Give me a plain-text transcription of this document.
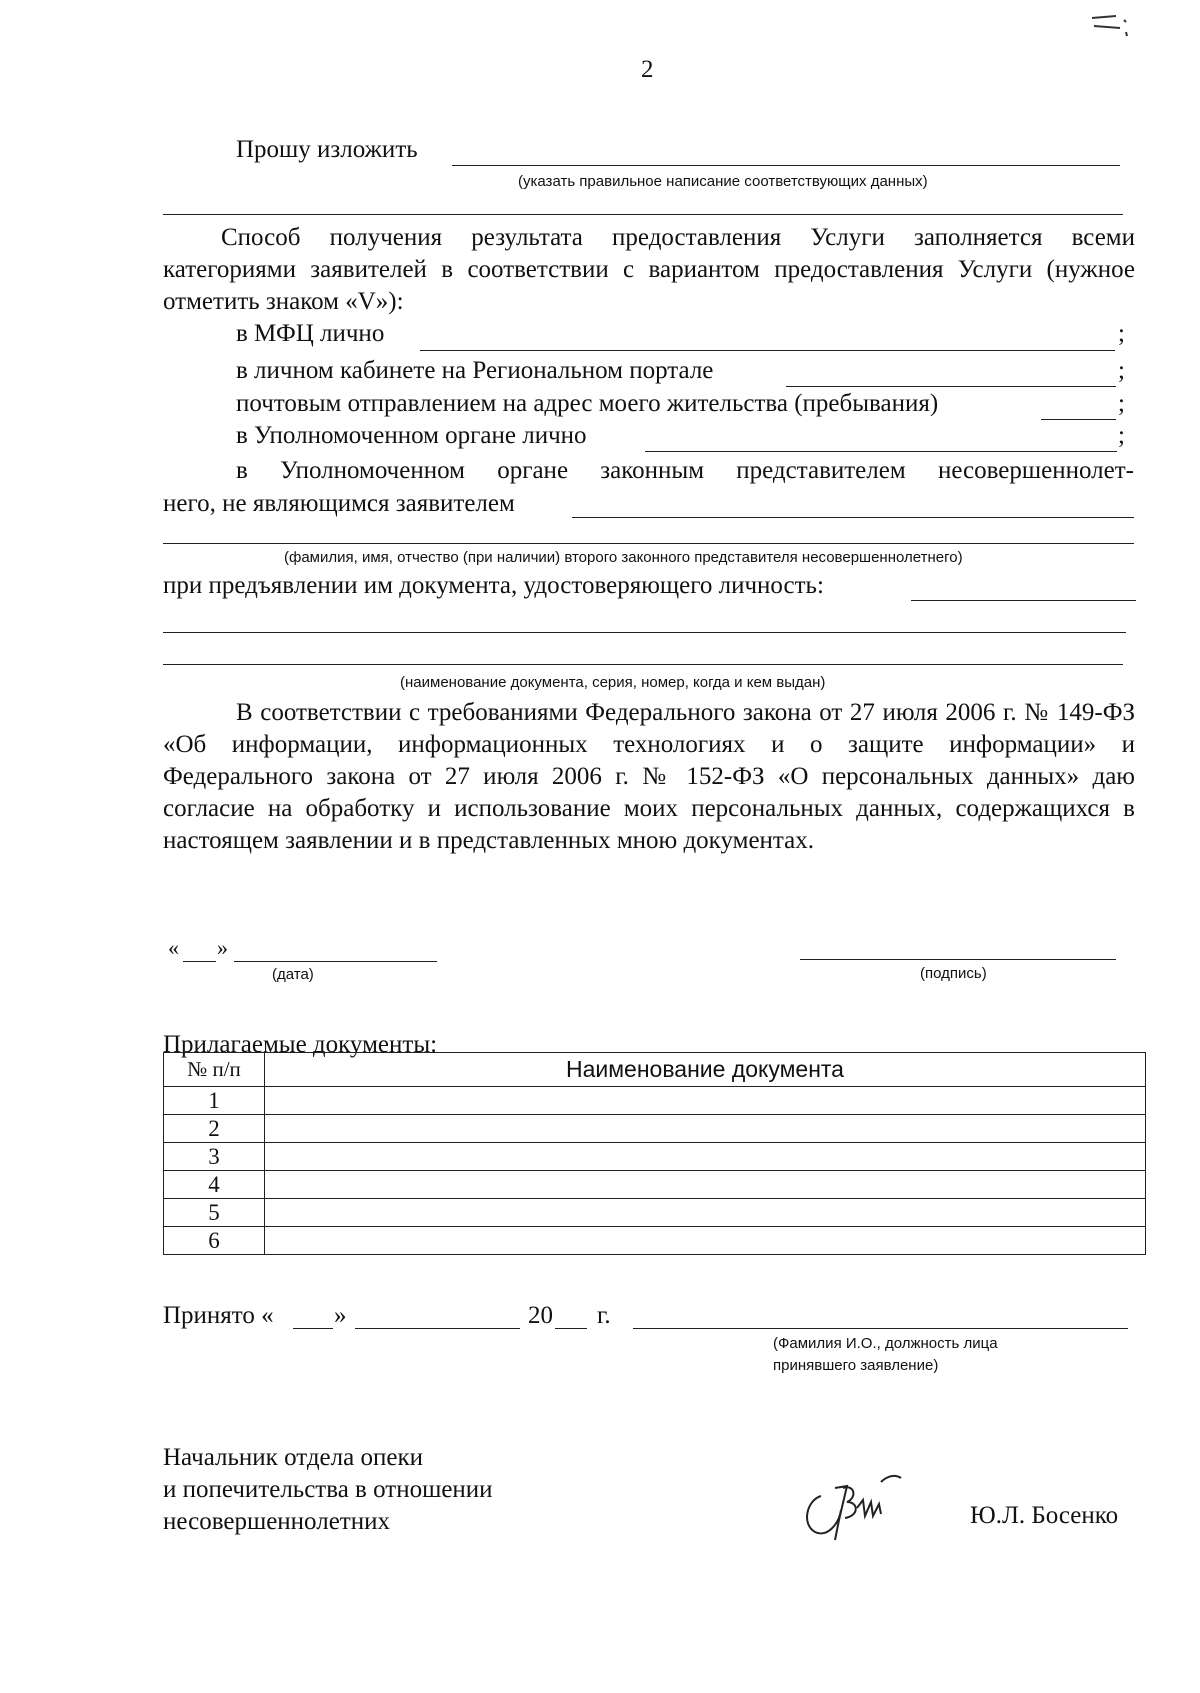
2
Прошу изложить
(указать правильное написание соответствующих данных)
Способ получения результата предоставления Услуги заполняется всеми категориями заявителей в соответствии с вариантом предоставления Услуги (нужное отметить знаком «V»):
в МФЦ лично	;
в личном кабинете на Региональном портале	;
почтовым отправлением на адрес моего жительства (пребывания)	;
в Уполномоченном органе лично	;
в Уполномоченном органе законным представителем несовершеннолет-
него, не являющимся заявителем
(фамилия, имя, отчество (при наличии) второго законного представителя несовершеннолетнего)
при предъявлении им документа, удостоверяющего личность:
(наименование документа, серия, номер, когда и кем выдан)
В соответствии с требованиями Федерального закона от 27 июля 2006 г. № 149-ФЗ «Об информации, информационных технологиях и о защите информации» и Федерального закона от 27 июля 2006 г. № 152-ФЗ «О персональных данных» даю согласие на обработку и использование моих персональных данных, содержащихся в настоящем заявлении и в представленных мною документах.
« »
(дата)	(подпись)
Прилагаемые документы:
№ п/п	Наименование документа
1	
2	
3	
4	
5	
6	
Принято « »	20 г.
(Фамилия И.О., должность лица
принявшего заявление)
Начальник отдела опеки
и попечительства в отношении
несовершеннолетних	Ю.Л. Босенко
